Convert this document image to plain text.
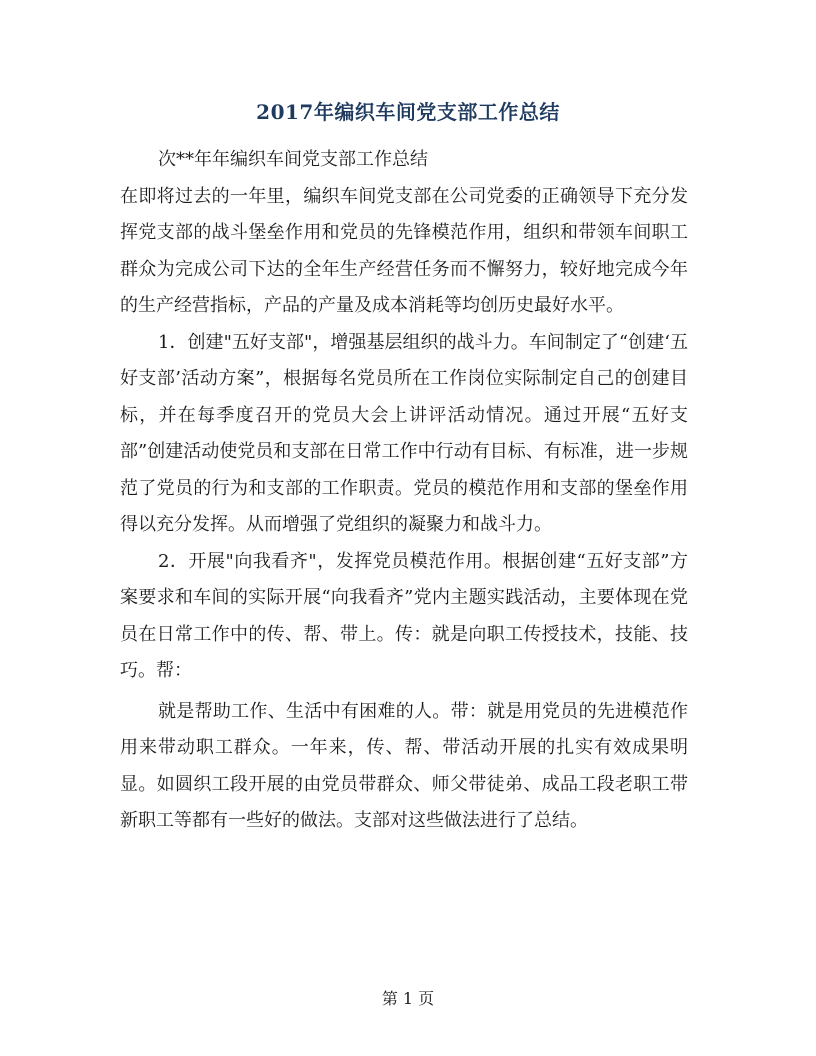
2017年编织车间党支部工作总结

次**年年编织车间党支部工作总结

在即将过去的一年里，编织车间党支部在公司党委的正确领导下充分发挥党支部的战斗堡垒作用和党员的先锋模范作用，组织和带领车间职工群众为完成公司下达的全年生产经营任务而不懈努力，较好地完成今年的生产经营指标，产品的产量及成本消耗等均创历史最好水平。

1．创建"五好支部"，增强基层组织的战斗力。车间制定了“创建‘五好支部’活动方案”，根据每名党员所在工作岗位实际制定自己的创建目标，并在每季度召开的党员大会上讲评活动情况。通过开展“五好支部”创建活动使党员和支部在日常工作中行动有目标、有标准，进一步规范了党员的行为和支部的工作职责。党员的模范作用和支部的堡垒作用得以充分发挥。从而增强了党组织的凝聚力和战斗力。

2．开展"向我看齐"，发挥党员模范作用。根据创建“五好支部”方案要求和车间的实际开展“向我看齐”党内主题实践活动，主要体现在党员在日常工作中的传、帮、带上。传：就是向职工传授技术，技能、技巧。帮：

就是帮助工作、生活中有困难的人。带：就是用党员的先进模范作用来带动职工群众。一年来，传、帮、带活动开展的扎实有效成果明显。如圆织工段开展的由党员带群众、师父带徒弟、成品工段老职工带新职工等都有一些好的做法。支部对这些做法进行了总结。

第 1 页
